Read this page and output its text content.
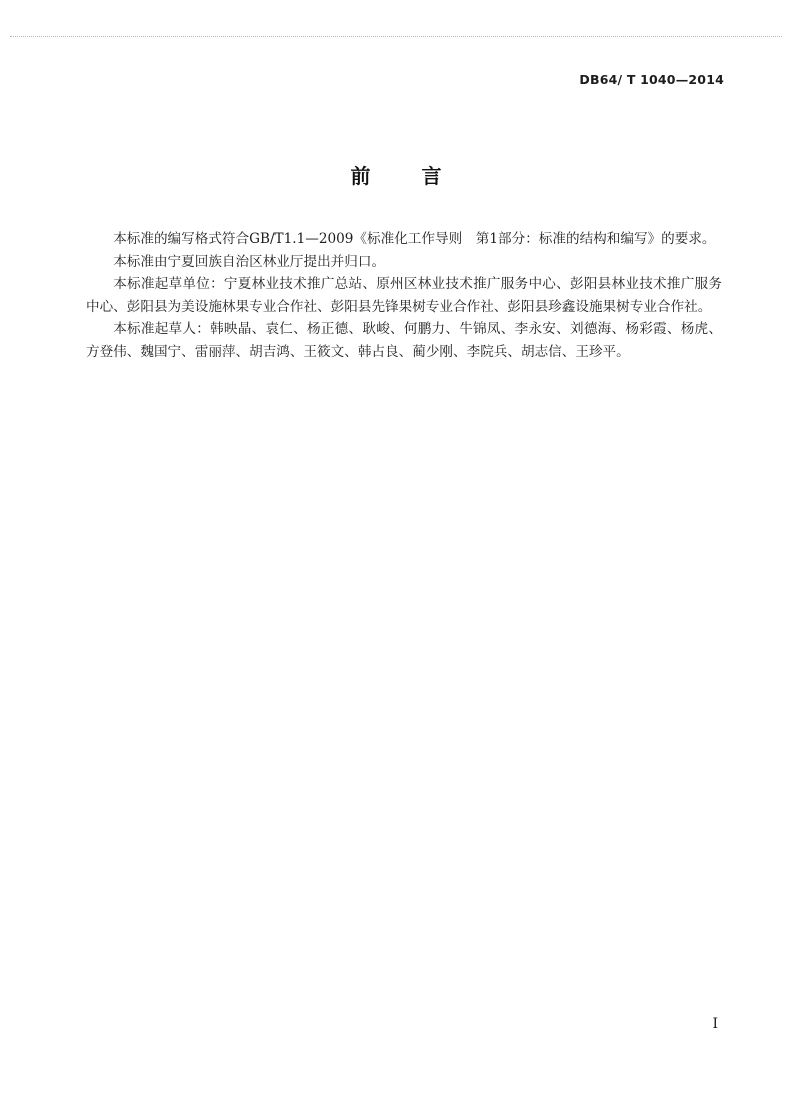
DB64/ T 1040—2014
前 言

本标准的编写格式符合GB/T1.1—2009《标准化工作导则　第1部分：标准的结构和编写》的要求。

本标准由宁夏回族自治区林业厅提出并归口。

本标准起草单位：宁夏林业技术推广总站、原州区林业技术推广服务中心、彭阳县林业技术推广服务中心、彭阳县为美设施林果专业合作社、彭阳县先锋果树专业合作社、彭阳县珍鑫设施果树专业合作社。

本标准起草人：韩映晶、袁仁、杨正德、耿峻、何鹏力、牛锦凤、李永安、刘德海、杨彩霞、杨虎、方登伟、魏国宁、雷丽萍、胡吉鸿、王筱文、韩占良、蔺少刚、李院兵、胡志信、王珍平。

I
